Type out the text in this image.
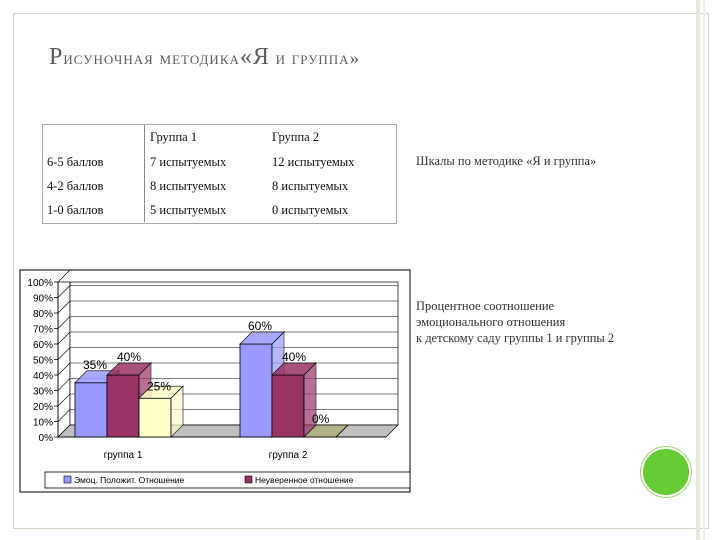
Рисуночная методика«Я и группа»
	Группа 1	Группа 2
6-5 баллов	7 испытуемых	12 испытуемых
4-2 баллов	8 испытуемых	8 испытуемых
1-0 баллов	5 испытуемых	0 испытуемых
Шкалы по методике «Я и группа»
Процентное соотношение
эмоционального отношения
к детскому саду группы 1 и группы 2
0%
10%
20%
30%
40%
50%
60%
70%
80%
90%
100%
35%
40%
25%
группа 1
60%
40%
0%
группа 2
Эмоц. Положит. Отношение	Неуверенное отношение
